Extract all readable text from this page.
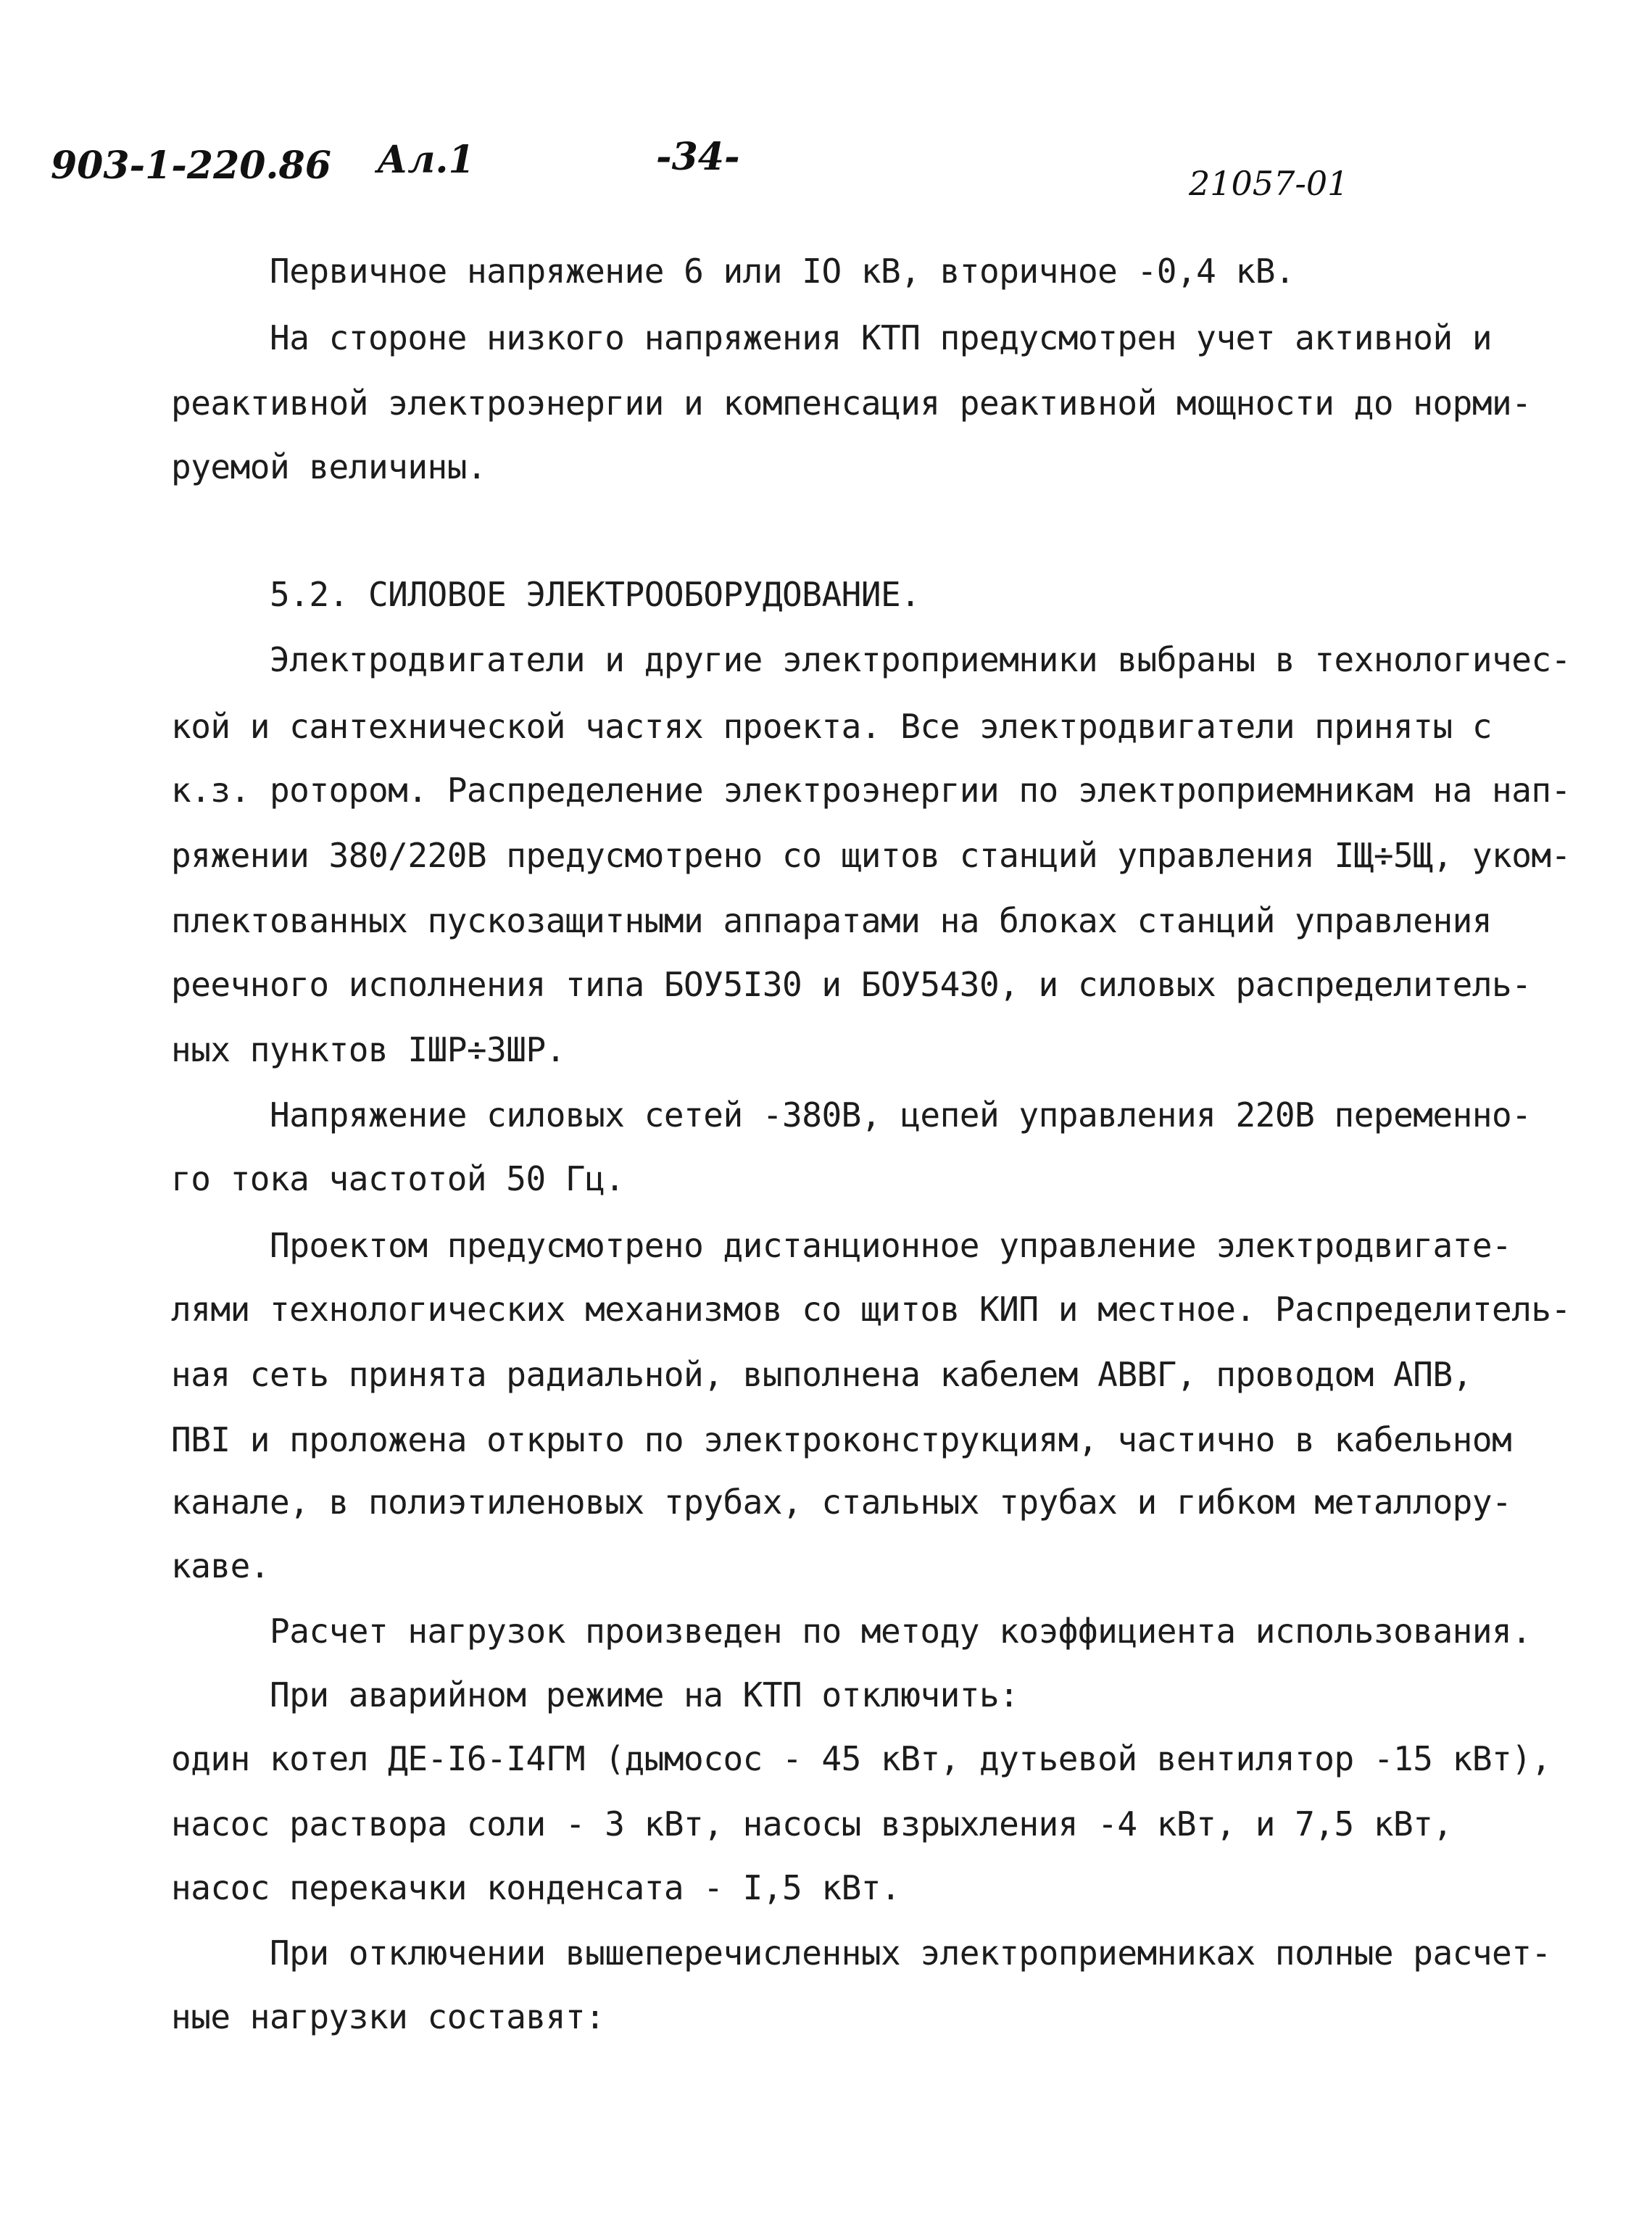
903-1-220.86 Ал.1	-34-
21057-01
Первичное напряжение 6 или IO кВ, вторичное -0,4 кВ.
На стороне низкого напряжения КТП предусмотрен учет активной и
реактивной электроэнергии и компенсация реактивной мощности до норми-
руемой величины.
5.2. СИЛОВОЕ ЭЛЕКТРООБОРУДОВАНИЕ.
Электродвигатели и другие электроприемники выбраны в технологичес-
кой и сантехнической частях проекта. Все электродвигатели приняты с
к.з. ротором. Распределение электроэнергии по электроприемникам на нап-
ряжении 380/220В предусмотрено со щитов станций управления IЩ÷5Щ, уком-
плектованных пускозащитными аппаратами на блоках станций управления
реечного исполнения типа БОУ5I30 и БОУ5430, и силовых распределитель-
ных пунктов IШР÷3ШР.
Напряжение силовых сетей -380В, цепей управления 220В переменно-
го тока частотой 50 Гц.
Проектом предусмотрено дистанционное управление электродвигате-
лями технологических механизмов со щитов КИП и местное. Распределитель-
ная сеть принята радиальной, выполнена кабелем АВВГ, проводом АПВ,
ПВI и проложена открыто по электроконструкциям, частично в кабельном
канале, в полиэтиленовых трубах, стальных трубах и гибком металлору-
каве.
Расчет нагрузок произведен по методу коэффициента использования.
При аварийном режиме на КТП отключить:
один котел ДЕ-I6-I4ГМ (дымосос - 45 кВт, дутьевой вентилятор -15 кВт),
насос раствора соли - 3 кВт, насосы взрыхления -4 кВт, и 7,5 кВт,
насос перекачки конденсата - I,5 кВт.
При отключении вышеперечисленных электроприемниках полные расчет-
ные нагрузки составят:
